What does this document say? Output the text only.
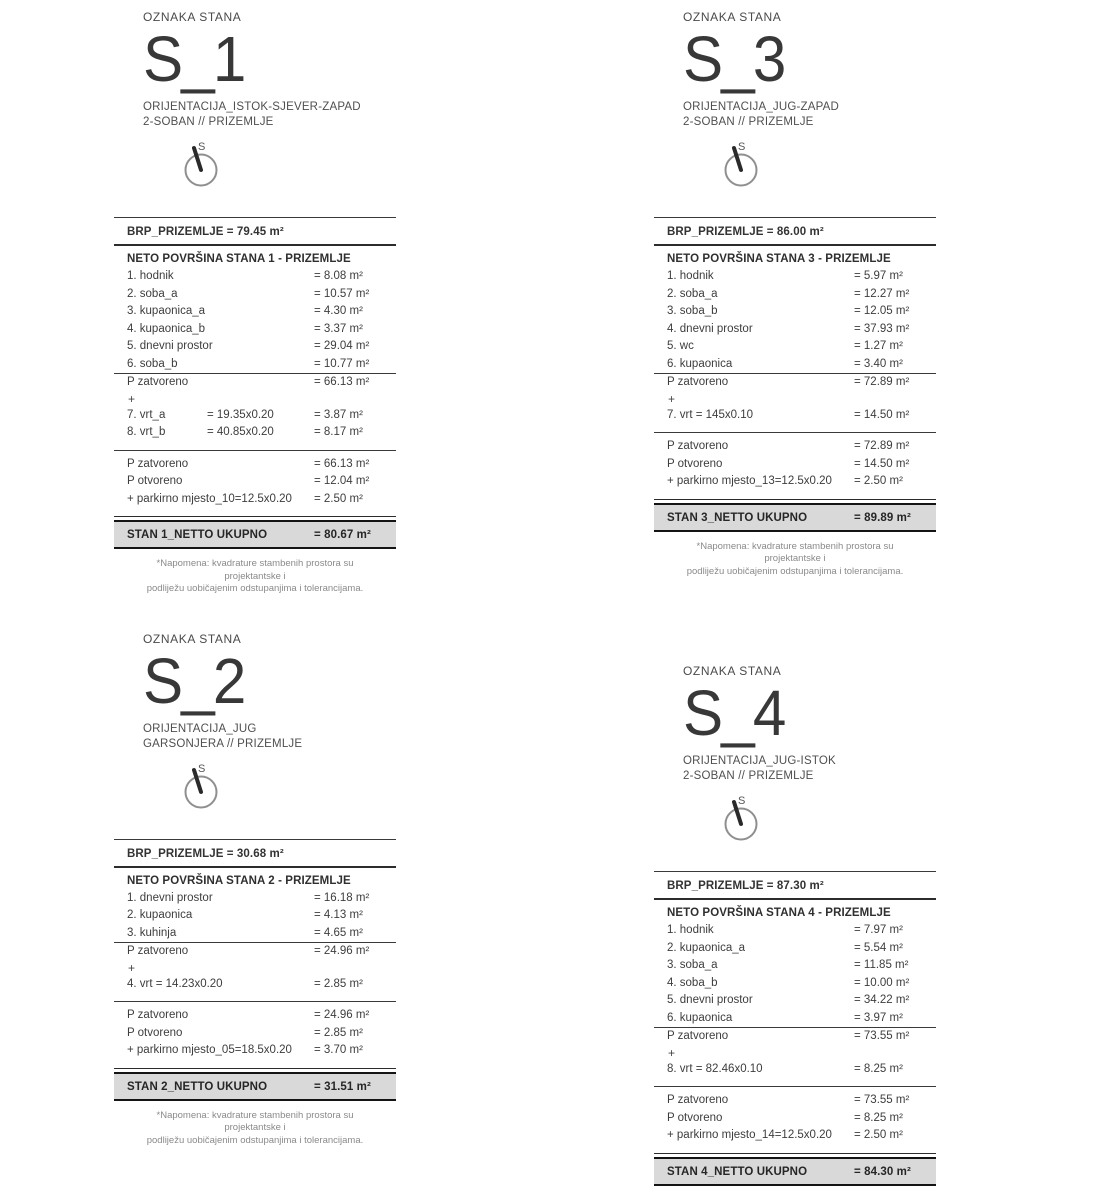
OZNAKA STANA
S_1
ORIJENTACIJA_ISTOK-SJEVER-ZAPAD
2-SOBAN // PRIZEMLJE
S
BRP_PRIZEMLJE = 79.45 m²
NETO POVRŠINA STANA 1 - PRIZEMLJE
1. hodnik	= 8.08 m²
2. soba_a	= 10.57 m²
3. kupaonica_a	= 4.30 m²
4. kupaonica_b	= 3.37 m²
5. dnevni prostor	= 29.04 m²
6. soba_b	= 10.77 m²
P zatvoreno	= 66.13 m²
+
7. vrt_a	= 19.35x0.20	= 3.87 m²
8. vrt_b	= 40.85x0.20	= 8.17 m²
P zatvoreno	= 66.13 m²
P otvoreno	= 12.04 m²
+ parkirno mjesto_10=12.5x0.20	= 2.50 m²
STAN 1_NETTO UKUPNO	= 80.67 m²
*Napomena: kvadrature stambenih prostora su projektantske i
podliježu uobičajenim odstupanjima i tolerancijama.
OZNAKA STANA
S_2
ORIJENTACIJA_JUG
GARSONJERA // PRIZEMLJE
S
BRP_PRIZEMLJE = 30.68 m²
NETO POVRŠINA STANA 2 - PRIZEMLJE
1. dnevni prostor	= 16.18 m²
2. kupaonica	= 4.13 m²
3. kuhinja	= 4.65 m²
P zatvoreno	= 24.96 m²
+
4. vrt = 14.23x0.20	= 2.85 m²
P zatvoreno	= 24.96 m²
P otvoreno	= 2.85 m²
+ parkirno mjesto_05=18.5x0.20	= 3.70 m²
STAN 2_NETTO UKUPNO	= 31.51 m²
*Napomena: kvadrature stambenih prostora su projektantske i
podliježu uobičajenim odstupanjima i tolerancijama.
OZNAKA STANA
S_3
ORIJENTACIJA_JUG-ZAPAD
2-SOBAN // PRIZEMLJE
S
BRP_PRIZEMLJE = 86.00 m²
NETO POVRŠINA STANA 3 - PRIZEMLJE
1. hodnik	= 5.97 m²
2. soba_a	= 12.27 m²
3. soba_b	= 12.05 m²
4. dnevni prostor	= 37.93 m²
5. wc	= 1.27 m²
6. kupaonica	= 3.40 m²
P zatvoreno	= 72.89 m²
+
7. vrt = 145x0.10	= 14.50 m²
P zatvoreno	= 72.89 m²
P otvoreno	= 14.50 m²
+ parkirno mjesto_13=12.5x0.20	= 2.50 m²
STAN 3_NETTO UKUPNO	= 89.89 m²
*Napomena: kvadrature stambenih prostora su projektantske i
podliježu uobičajenim odstupanjima i tolerancijama.
OZNAKA STANA
S_4
ORIJENTACIJA_JUG-ISTOK
2-SOBAN // PRIZEMLJE
S
BRP_PRIZEMLJE = 87.30 m²
NETO POVRŠINA STANA 4 - PRIZEMLJE
1. hodnik	= 7.97 m²
2. kupaonica_a	= 5.54 m²
3. soba_a	= 11.85 m²
4. soba_b	= 10.00 m²
5. dnevni prostor	= 34.22 m²
6. kupaonica	= 3.97 m²
P zatvoreno	= 73.55 m²
+
8. vrt = 82.46x0.10	= 8.25 m²
P zatvoreno	= 73.55 m²
P otvoreno	= 8.25 m²
+ parkirno mjesto_14=12.5x0.20	= 2.50 m²
STAN 4_NETTO UKUPNO	= 84.30 m²
